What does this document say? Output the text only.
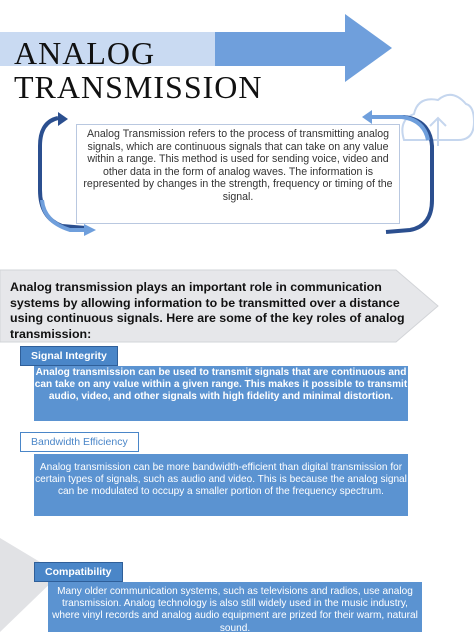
ANALOG
TRANSMISSION
Analog Transmission refers to the process of transmitting analog signals, which are continuous signals that can take on any value within a range. This method is used for sending voice, video and other data in the form of analog waves. The information is represented by changes in the strength, frequency or timing of the signal.
Analog transmission plays an important role in communication systems by allowing information to be transmitted over a distance using continuous signals. Here are some of the key roles of analog transmission:
Signal Integrity
Analog transmission can be used to transmit signals that are continuous and can take on any value within a given range. This makes it possible to transmit audio, video, and other signals with high fidelity and minimal distortion.
Bandwidth Efficiency
Analog transmission can be more bandwidth-efficient than digital transmission for certain types of signals, such as audio and video. This is because the analog signal can be modulated to occupy a smaller portion of the frequency spectrum.
Compatibility
Many older communication systems, such as televisions and radios, use analog transmission. Analog technology is also still widely used in the music industry, where vinyl records and analog audio equipment are prized for their warm, natural sound.
